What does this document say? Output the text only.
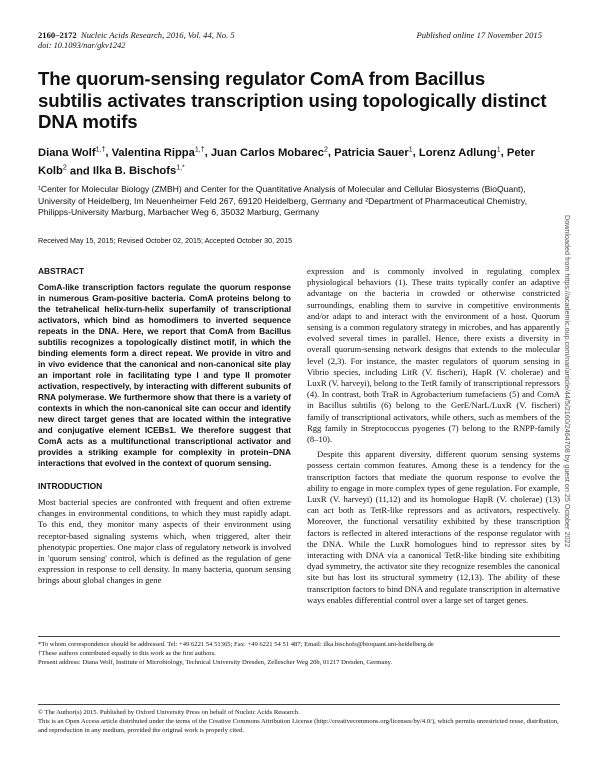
2160–2172 Nucleic Acids Research, 2016, Vol. 44, No. 5	Published online 17 November 2015
doi: 10.1093/nar/gkv1242
The quorum-sensing regulator ComA from Bacillus subtilis activates transcription using topologically distinct DNA motifs
Diana Wolf$^{1,\dagger}$, Valentina Rippa$^{1,\dagger}$, Juan Carlos Mobarec$^2$, Patricia Sauer$^1$, Lorenz Adlung$^1$, Peter Kolb$^2$ and Ilka B. Bischofs$^{1,*}$
¹Center for Molecular Biology (ZMBH) and Center for the Quantitative Analysis of Molecular and Cellular Biosystems (BioQuant), University of Heidelberg, Im Neuenheimer Feld 267, 69120 Heidelberg, Germany and ²Department of Pharmaceutical Chemistry, Philipps-University Marburg, Marbacher Weg 6, 35032 Marburg, Germany
Received May 15, 2015; Revised October 02, 2015; Accepted October 30, 2015	Downloaded from https://academic.oup.com/nar/article/44/5/2160/2464708 by guest on 25 October 2022
ABSTRACT

ComA-like transcription factors regulate the quorum response in numerous Gram-positive bacteria. ComA proteins belong to the tetrahelical helix-turn-helix superfamily of transcriptional activators, which bind as homodimers to inverted sequence repeats in the DNA. Here, we report that ComA from Bacillus subtilis recognizes a topologically distinct motif, in which the binding elements form a direct repeat. We provide in vitro and in vivo evidence that the canonical and non-canonical site play an important role in facilitating type I and type II promoter activation, respectively, by interacting with different subunits of RNA polymerase. We furthermore show that there is a variety of contexts in which the non-canonical site can occur and identify new direct target genes that are located within the integrative and conjugative element ICEBs1. We therefore suggest that ComA acts as a multifunctional transcriptional activator and provides a striking example for complexity in protein–DNA interactions that evolved in the context of quorum sensing.

INTRODUCTION

Most bacterial species are confronted with frequent and often extreme changes in environmental conditions, to which they must rapidly adapt. To this end, they monitor many aspects of their environment using receptor-based signaling systems which, when triggered, alter their phenotypic properties. One major class of regulatory network is involved in 'quorum sensing' control, which is defined as the regulation of gene expression in response to cell density. In many bacteria, quorum sensing brings about global changes in gene

expression and is commonly involved in regulating complex physiological behaviors (1). These traits typically confer an adaptive advantage on the bacteria in crowded or otherwise constricted surroundings, enabling them to survive in competitive environments and/or adapt to and interact with the environment of a host. Quorum sensing is a common regulatory strategy in microbes, and has apparently evolved several times in parallel. Hence, there exists a diversity in overall quorum-sensing network designs that extends to the molecular level (2,3). For instance, the master regulators of quorum sensing in Vibrio species, including LitR (V. fischeri), HapR (V. cholerae) and LuxR (V. harveyi), belong to the TetR family of transcriptional repressors (4). In contrast, both TraR in Agrobacterium tumefaciens (5) and ComA in Bacillus subtilis (6) belong to the GerE/NarL/LuxR (V. fischeri) family of transcriptional activators, while others, such as members of the Rgg family in Streptococcus pyogenes (7) belong to the RNPP-family (8–10).

Despite this apparent diversity, different quorum sensing systems possess certain common features. Among these is a tendency for the transcription factors that mediate the quorum response to evolve the ability to engage in more complex types of gene regulation. For example, LuxR (V. harveyi) (11,12) and its homologue HapR (V. cholerae) (13) can act both as TetR-like repressors and as activators, respectively. Moreover, the functional versatility exhibited by these transcription factors is reflected in altered interactions of the response regulator with the DNA. While the LuxR homologues bind to repressor sites by interacting with DNA via a canonical TetR-like binding site exhibiting dyad symmetry, the activator site they recognize resembles the canonical site but has lost its structural symmetry (12,13). The ability of these transcription factors to bind DNA and regulate transcription in alternative ways enables differential control over a large set of target genes.

*To whom correspondence should be addressed. Tel: +49 6221 54 51365; Fax: +49 6221 54 51 487; Email: ilka.bischofs@bioquant.uni-heidelberg.de

†These authors contributed equally to this work as the first authors.

Present address: Diana Wolf, Institute of Microbiology, Technical University Dresden, Zellescher Weg 20b, 01217 Dresden, Germany.

© The Author(s) 2015. Published by Oxford University Press on behalf of Nucleic Acids Research.

This is an Open Access article distributed under the terms of the Creative Commons Attribution License (http://creativecommons.org/licenses/by/4.0/), which permits unrestricted reuse, distribution, and reproduction in any medium, provided the original work is properly cited.
